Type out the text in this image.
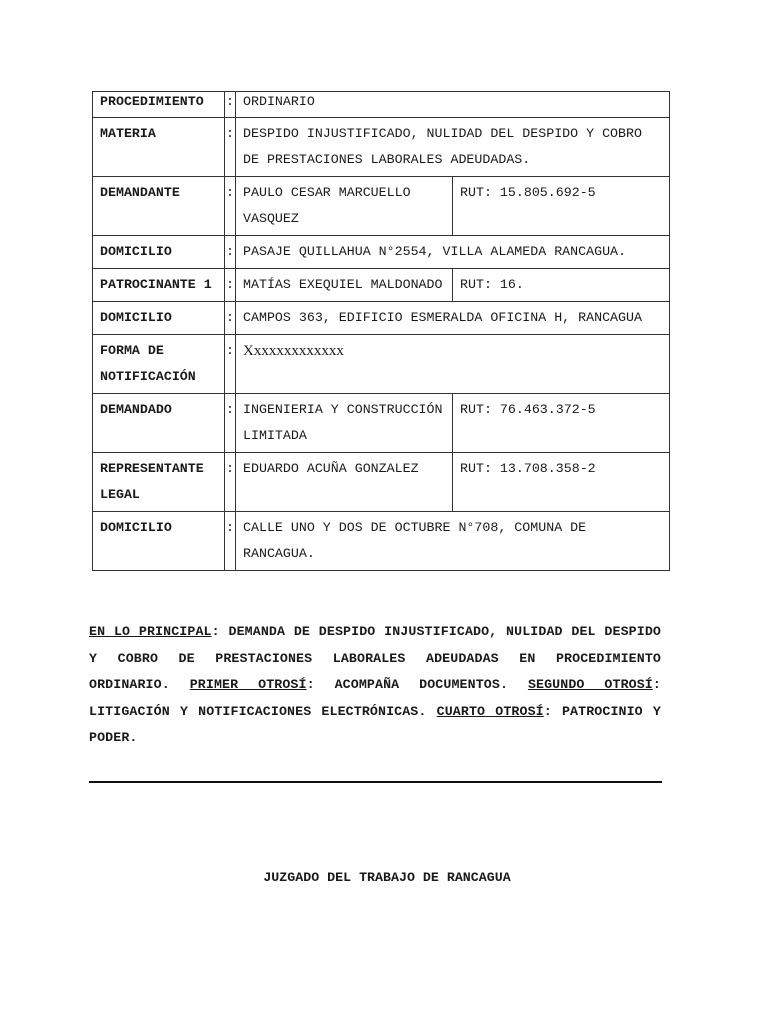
PROCEDIMIENTO	:	ORDINARIO	
MATERIA	:	DESPIDO INJUSTIFICADO, NULIDAD DEL DESPIDO Y COBRO DE PRESTACIONES LABORALES ADEUDADAS.	
DEMANDANTE	:	PAULO CESAR MARCUELLO VASQUEZ	RUT: 15.805.692-5
DOMICILIO	:	PASAJE QUILLAHUA N°2554, VILLA ALAMEDA RANCAGUA.	
PATROCINANTE 1	:	MATÍAS EXEQUIEL MALDONADO	RUT: 16.
DOMICILIO	:	CAMPOS 363, EDIFICIO ESMERALDA OFICINA H, RANCAGUA	
FORMA DE NOTIFICACIÓN	:	Xxxxxxxxxxxxx	
DEMANDADO	:	INGENIERIA Y CONSTRUCCIÓN LIMITADA	RUT: 76.463.372-5
REPRESENTANTE LEGAL	:	EDUARDO ACUÑA GONZALEZ	RUT: 13.708.358-2
DOMICILIO	:	CALLE UNO Y DOS DE OCTUBRE N°708, COMUNA DE RANCAGUA.	
EN LO PRINCIPAL: DEMANDA DE DESPIDO INJUSTIFICADO, NULIDAD DEL DESPIDO Y COBRO DE PRESTACIONES LABORALES ADEUDADAS EN PROCEDIMIENTO ORDINARIO. PRIMER OTROSÍ: ACOMPAÑA DOCUMENTOS. SEGUNDO OTROSÍ: LITIGACIÓN Y NOTIFICACIONES ELECTRÓNICAS. CUARTO OTROSÍ: PATROCINIO Y PODER.
JUZGADO DEL TRABAJO DE RANCAGUA
